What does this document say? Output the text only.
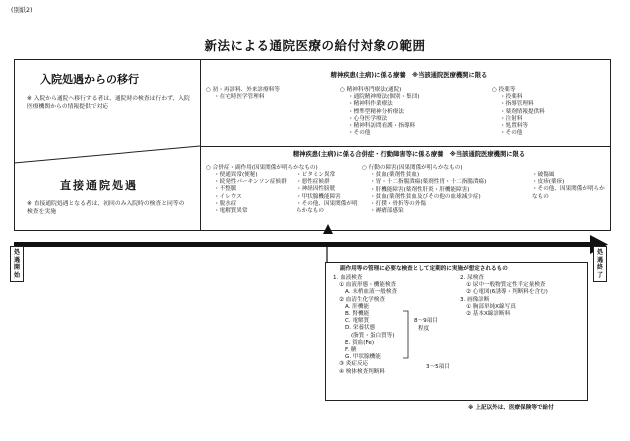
(別紙2)
新法による通院医療の給付対象の範囲
入院処遇からの移行
※ 入院から通院へ移行する者は、通院時の検査は行わず、入院医療機関からの情報提供で対応
直接通院処遇
※ 直接通院処遇となる者は、初回のみ入院時の検査と同等の検査を実施
精神疾患(主病)に係る療養　※当該通院医療機関に限る
○ 初・再診料、外来診療料等
・ 在宅時医学管理料
○ 精神科専門療法(通院)
・ 通院精神療法(個別・集団)
・ 精神科作業療法
・ 標準型精神分析療法
・ 心身医学療法
・ 精神科訪問看護・指導料
・ その他
○ 投薬等
・ 投薬料
・ 指導管理料
・ 薬剤情報提供料
・ 注射料
・ 処置料等
・ その他
精神疾患(主病)に係る合併症・行動障害等に係る療養　※当該通院医療機関に限る
○ 合併症・副作用(因果関係が明らかなもの)
・ 便通異常(便秘)
・ 続発性パーキンソン症候群
・ 不整脈
・ イレウス
・ 脱水症
・ 電解質異常
・ ビタミン異常
・ 悪性症候群
・ 神経因性膀胱
・ 甲状腺機能障害
・ その他、因果関係が明らかなもの
○ 行動の障害(因果関係が明らかなもの)
・ 貧血(薬剤性貧血)
・ 胃・十二指腸潰瘍(薬剤性胃・十二指腸潰瘍)
・ 肝機能障害(薬剤性肝炎・肝機能障害)
・ 貧血(薬剤性貧血及びその他の血球減少症)
・ 打撲・骨折等の外傷
・ 褥瘡部感染
・ 破傷風
・ 皮疹(薬疹)
・ その他、因果関係が明らかなもの
処遇開始
処遇終了
副作用等の管理に必要な検査として定期的に実施が想定されるもの
1. 血液検査
① 血液形態・機能検査
A. 末梢血液一般検査
② 血清生化学検査
A. 肝機能
B. 腎機能
C. 電解質
D. 栄養状態
(脂質・蛋白質等)
E. 貧血(Fe)
F. 糖
G. 甲状腺機能
③ 炎症反応
④ 検体検査判断料
8～9項目
程度
3～5項目
2. 尿検査
① 尿中一般物質定性半定量検査
② 心電図(6誘導・判断料を含む)
3. 画像診断
① 胸部単純X線写真
② 基本X線診断料
※ 上記以外は、医療保険等で給付
